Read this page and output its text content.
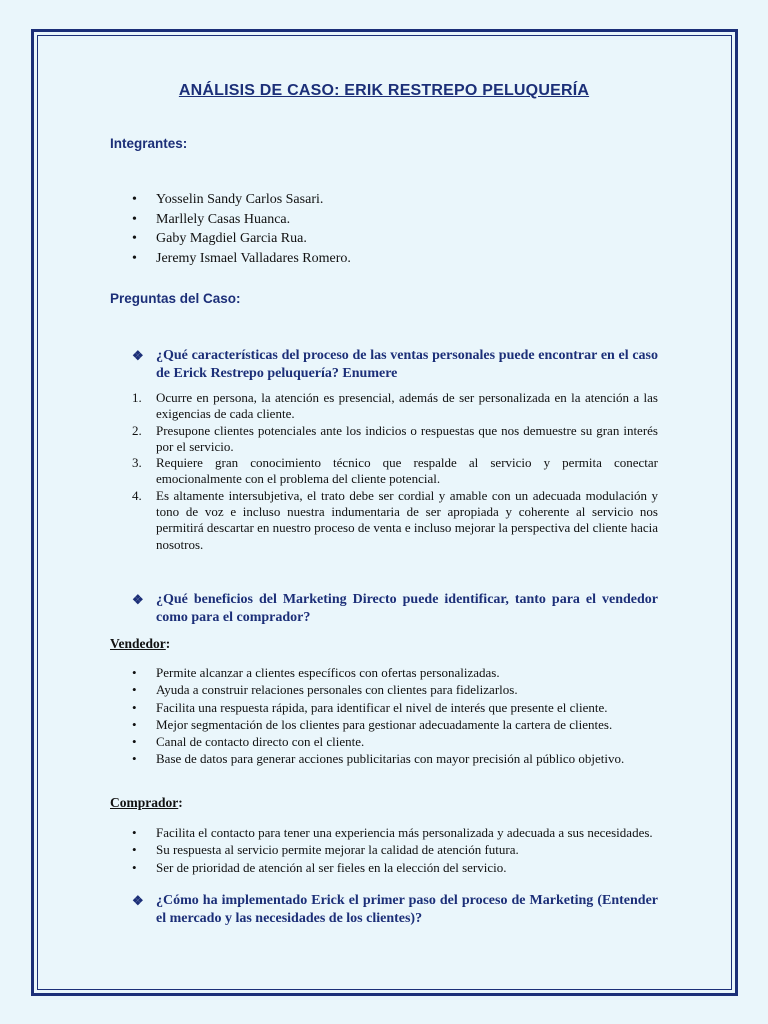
ANÁLISIS DE CASO: ERIK RESTREPO PELUQUERÍA
Integrantes:
• Yosselin Sandy Carlos Sasari.
• Marllely Casas Huanca.
• Gaby Magdiel Garcia Rua.
• Jeremy Ismael Valladares Romero.
Preguntas del Caso:
❖ ¿Qué características del proceso de las ventas personales puede encontrar en el caso de Erick Restrepo peluquería? Enumere
1. Ocurre en persona, la atención es presencial, además de ser personalizada en la atención a las exigencias de cada cliente.
2. Presupone clientes potenciales ante los indicios o respuestas que nos demuestre su gran interés por el servicio.
3. Requiere gran conocimiento técnico que respalde al servicio y permita conectar emocionalmente con el problema del cliente potencial.
4. Es altamente intersubjetiva, el trato debe ser cordial y amable con un adecuada modulación y tono de voz e incluso nuestra indumentaria de ser apropiada y coherente al servicio nos permitirá descartar en nuestro proceso de venta e incluso mejorar la perspectiva del cliente hacia nosotros.
❖ ¿Qué beneficios del Marketing Directo puede identificar, tanto para el vendedor como para el comprador?
Vendedor:
• Permite alcanzar a clientes específicos con ofertas personalizadas.
• Ayuda a construir relaciones personales con clientes para fidelizarlos.
• Facilita una respuesta rápida, para identificar el nivel de interés que presente el cliente.
• Mejor segmentación de los clientes para gestionar adecuadamente la cartera de clientes.
• Canal de contacto directo con el cliente.
• Base de datos para generar acciones publicitarias con mayor precisión al público objetivo.
Comprador:
• Facilita el contacto para tener una experiencia más personalizada y adecuada a sus necesidades.
• Su respuesta al servicio permite mejorar la calidad de atención futura.
• Ser de prioridad de atención al ser fieles en la elección del servicio.
❖ ¿Cómo ha implementado Erick el primer paso del proceso de Marketing (Entender el mercado y las necesidades de los clientes)?
